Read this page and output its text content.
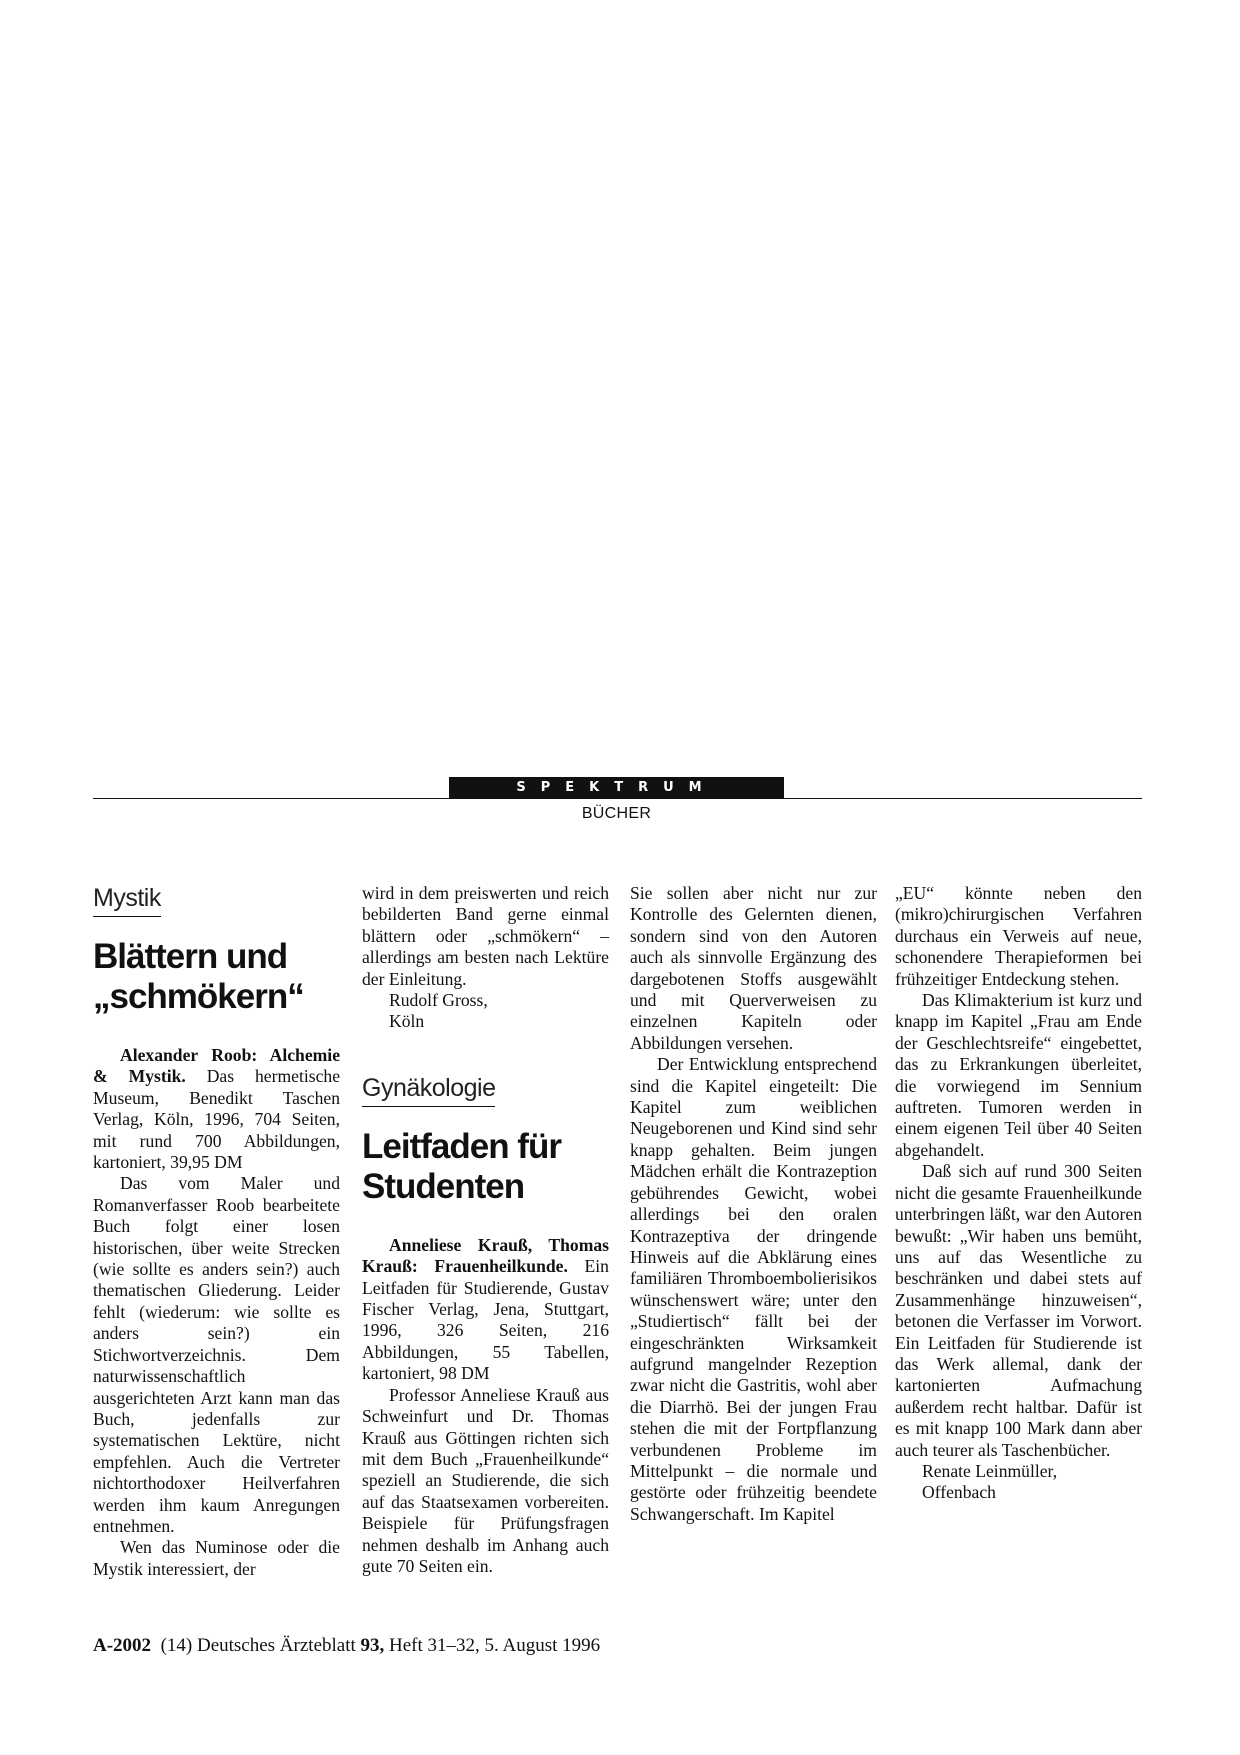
SPEKTRUM
BÜCHER
Mystik
Blättern und
„schmökern“

Alexander Roob: Alchemie & Mystik. Das hermetische Museum, Benedikt Taschen Verlag, Köln, 1996, 704 Seiten, mit rund 700 Abbildungen, kartoniert, 39,95 DM

Das vom Maler und Romanverfasser Roob bearbeitete Buch folgt einer losen historischen, über weite Strecken (wie sollte es anders sein?) auch thematischen Gliederung. Leider fehlt (wiederum: wie sollte es anders sein?) ein Stichwortverzeichnis. Dem naturwissenschaftlich ausgerichteten Arzt kann man das Buch, jedenfalls zur systematischen Lektüre, nicht empfehlen. Auch die Vertreter nichtorthodoxer Heilverfahren werden ihm kaum Anregungen entnehmen.

Wen das Numinose oder die Mystik interessiert, der

wird in dem preiswerten und reich bebilderten Band gerne einmal blättern oder „schmökern“ – allerdings am besten nach Lektüre der Einleitung.

Rudolf Gross,

Köln

Gynäkologie
Leitfaden für
Studenten

Anneliese Krauß, Thomas Krauß: Frauenheilkunde. Ein Leitfaden für Studierende, Gustav Fischer Verlag, Jena, Stuttgart, 1996, 326 Seiten, 216 Abbildungen, 55 Tabellen, kartoniert, 98 DM

Professor Anneliese Krauß aus Schweinfurt und Dr. Thomas Krauß aus Göttingen richten sich mit dem Buch „Frauenheilkunde“ speziell an Studierende, die sich auf das Staatsexamen vorbereiten. Beispiele für Prüfungsfragen nehmen deshalb im Anhang auch gute 70 Seiten ein.

Sie sollen aber nicht nur zur Kontrolle des Gelernten dienen, sondern sind von den Autoren auch als sinnvolle Ergänzung des dargebotenen Stoffs ausgewählt und mit Querverweisen zu einzelnen Kapiteln oder Abbildungen versehen.

Der Entwicklung entsprechend sind die Kapitel eingeteilt: Die Kapitel zum weiblichen Neugeborenen und Kind sind sehr knapp gehalten. Beim jungen Mädchen erhält die Kontrazeption gebührendes Gewicht, wobei allerdings bei den oralen Kontrazeptiva der dringende Hinweis auf die Abklärung eines familiären Thromboembolierisikos wünschenswert wäre; unter den „Studiertisch“ fällt bei der eingeschränkten Wirksamkeit aufgrund mangelnder Rezeption zwar nicht die Gastritis, wohl aber die Diarrhö. Bei der jungen Frau stehen die mit der Fortpflanzung verbundenen Probleme im Mittelpunkt – die normale und gestörte oder frühzeitig beendete Schwangerschaft. Im Kapitel

„EU“ könnte neben den (mikro)chirurgischen Verfahren durchaus ein Verweis auf neue, schonendere Therapieformen bei frühzeitiger Entdeckung stehen.

Das Klimakterium ist kurz und knapp im Kapitel „Frau am Ende der Geschlechtsreife“ eingebettet, das zu Erkrankungen überleitet, die vorwiegend im Sennium auftreten. Tumoren werden in einem eigenen Teil über 40 Seiten abgehandelt.

Daß sich auf rund 300 Seiten nicht die gesamte Frauenheilkunde unterbringen läßt, war den Autoren bewußt: „Wir haben uns bemüht, uns auf das Wesentliche zu beschränken und dabei stets auf Zusammenhänge hinzuweisen“, betonen die Verfasser im Vorwort. Ein Leitfaden für Studierende ist das Werk allemal, dank der kartonierten Aufmachung außerdem recht haltbar. Dafür ist es mit knapp 100 Mark dann aber auch teurer als Taschenbücher.

Renate Leinmüller,

Offenbach

A-2002 (14) Deutsches Ärzteblatt 93, Heft 31–32, 5. August 1996
